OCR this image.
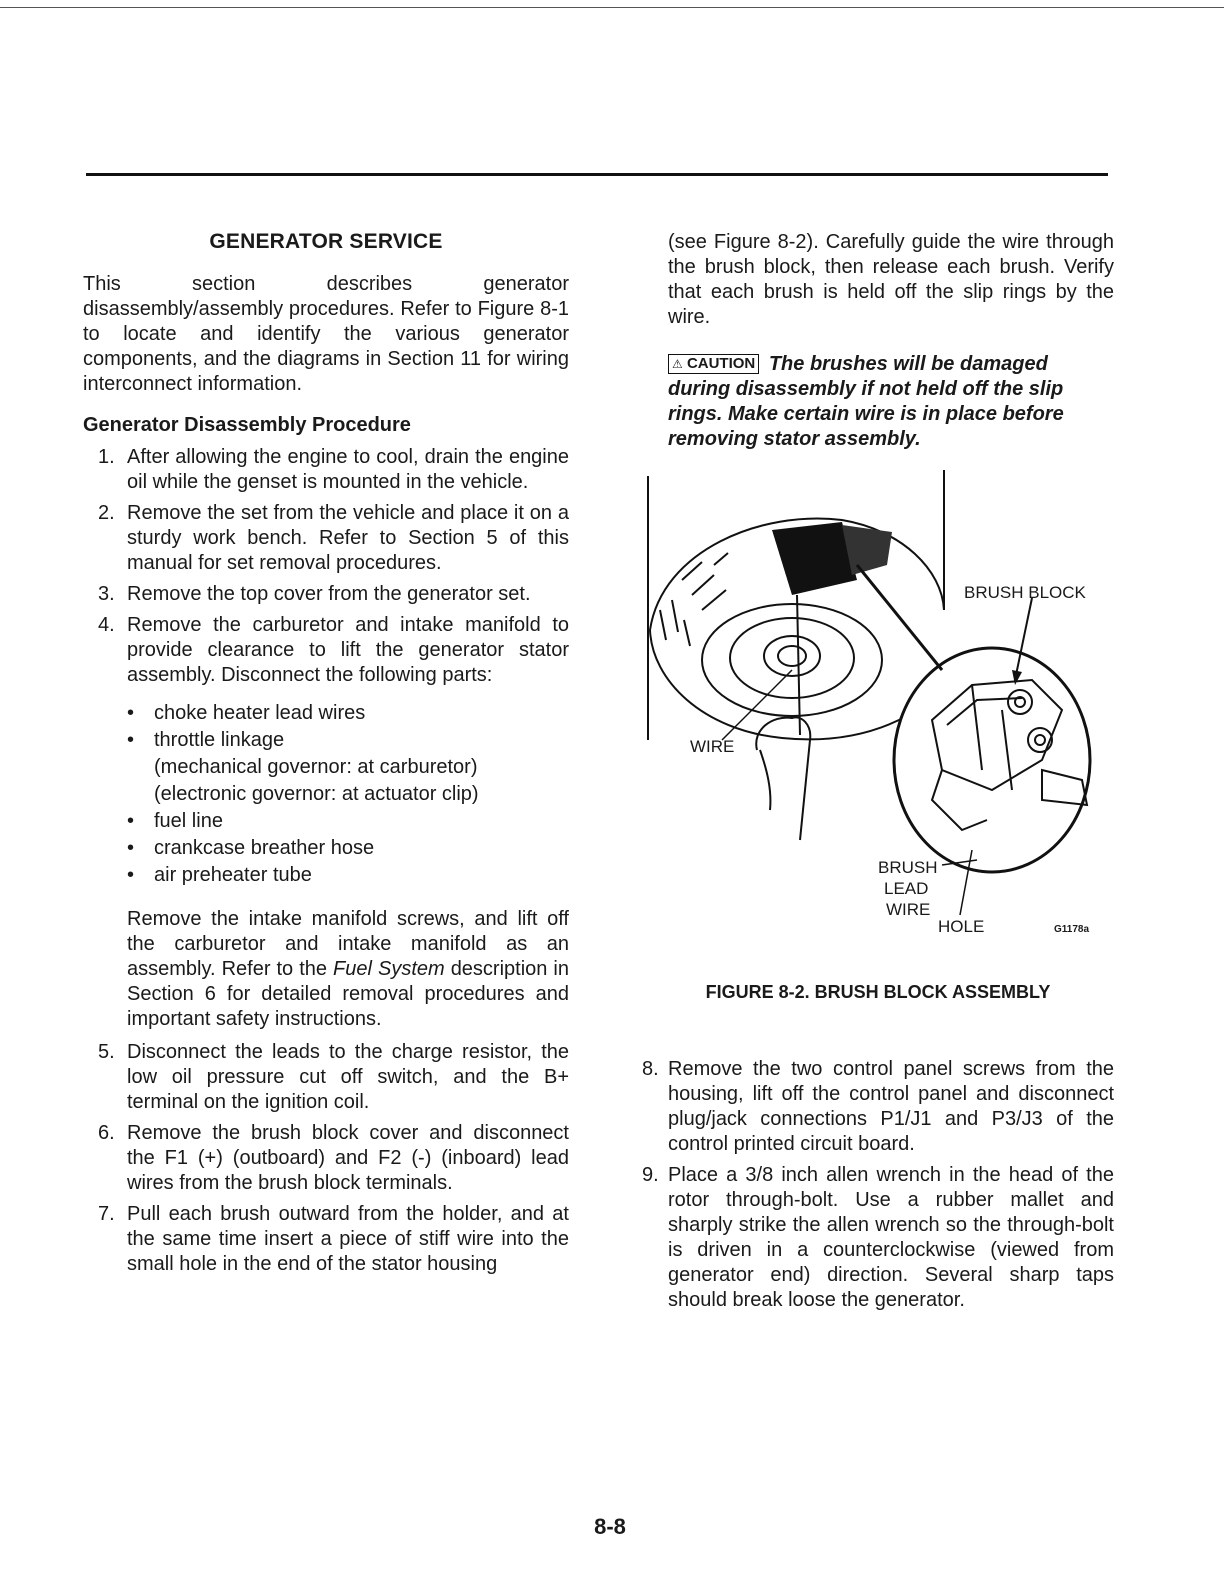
GENERATOR SERVICE

This section describes generator disassembly/assembly procedures. Refer to Figure 8-1 to locate and identify the various generator components, and the diagrams in Section 11 for wiring interconnect information.

Generator Disassembly Procedure
1. After allowing the engine to cool, drain the engine oil while the genset is mounted in the vehicle.
2. Remove the set from the vehicle and place it on a sturdy work bench. Refer to Section 5 of this manual for set removal procedures.
3. Remove the top cover from the generator set.
4. Remove the carburetor and intake manifold to provide clearance to lift the generator stator assembly. Disconnect the following parts:
• choke heater lead wires
• throttle linkage
(mechanical governor: at carburetor)
(electronic governor: at actuator clip)
• fuel line
• crankcase breather hose
• air preheater tube

Remove the intake manifold screws, and lift off the carburetor and intake manifold as an assembly. Refer to the Fuel System description in Section 6 for detailed removal procedures and important safety instructions.

5. Disconnect the leads to the charge resistor, the low oil pressure cut off switch, and the B+ terminal on the ignition coil.
6. Remove the brush block cover and disconnect the F1 (+) (outboard) and F2 (-) (inboard) lead wires from the brush block terminals.
7. Pull each brush outward from the holder, and at the same time insert a piece of stiff wire into the small hole in the end of the stator housing

(see Figure 8-2). Carefully guide the wire through the brush block, then release each brush. Verify that each brush is held off the slip rings by the wire.

⚠ CAUTION The brushes will be damaged during disassembly if not held off the slip rings. Make certain wire is in place before removing stator assembly.
BRUSH BLOCK
WIRE
BRUSH
LEAD
WIRE
HOLE	G1178a
FIGURE 8-2. BRUSH BLOCK ASSEMBLY
8. Remove the two control panel screws from the housing, lift off the control panel and disconnect plug/jack connections P1/J1 and P3/J3 of the control printed circuit board.
9. Place a 3/8 inch allen wrench in the head of the rotor through-bolt. Use a rubber mallet and sharply strike the allen wrench so the through-bolt is driven in a counterclockwise (viewed from generator end) direction. Several sharp taps should break loose the generator.
8-8
